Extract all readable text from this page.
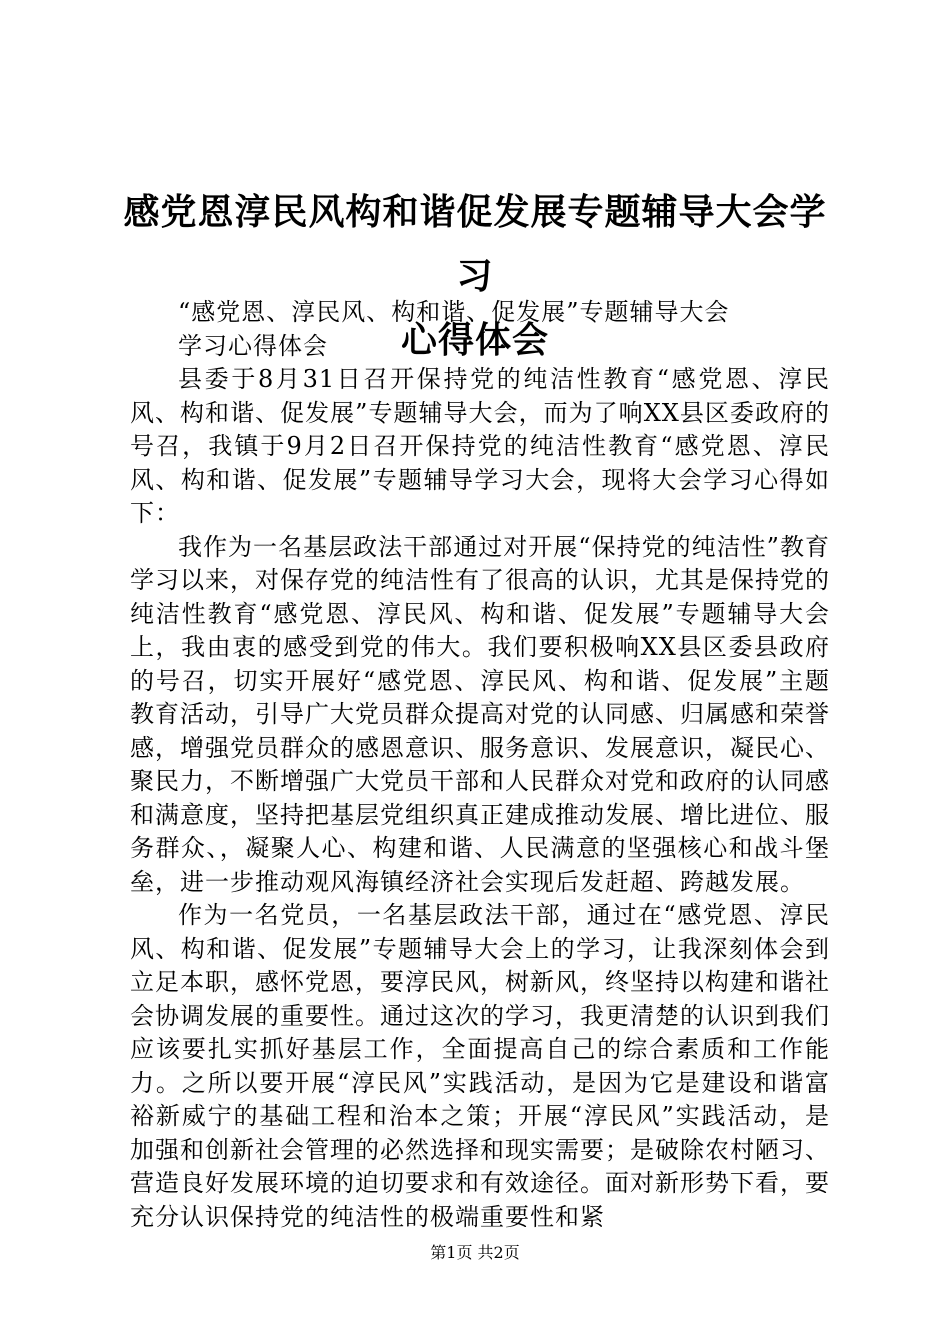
感党恩淳民风构和谐促发展专题辅导大会学习
心得体会

“感党恩、淳民风、构和谐、促发展”专题辅导大会

学习心得体会

县委于8月31日召开保持党的纯洁性教育“感党恩、淳民风、构和谐、促发展”专题辅导大会，而为了响XX县区委政府的号召，我镇于9月2日召开保持党的纯洁性教育“感党恩、淳民风、构和谐、促发展”专题辅导学习大会，现将大会学习心得如下：

我作为一名基层政法干部通过对开展“保持党的纯洁性”教育学习以来，对保存党的纯洁性有了很高的认识，尤其是保持党的纯洁性教育“感党恩、淳民风、构和谐、促发展”专题辅导大会上，我由衷的感受到党的伟大。我们要积极响XX县区委县政府的号召，切实开展好“感党恩、淳民风、构和谐、促发展”主题教育活动，引导广大党员群众提高对党的认同感、归属感和荣誉感，增强党员群众的感恩意识、服务意识、发展意识，凝民心、聚民力，不断增强广大党员干部和人民群众对党和政府的认同感和满意度，坚持把基层党组织真正建成推动发展、增比进位、服务群众、，凝聚人心、构建和谐、人民满意的坚强核心和战斗堡垒，进一步推动观风海镇经济社会实现后发赶超、跨越发展。

作为一名党员，一名基层政法干部，通过在“感党恩、淳民风、构和谐、促发展”专题辅导大会上的学习，让我深刻体会到立足本职，感怀党恩，要淳民风，树新风，终坚持以构建和谐社会协调发展的重要性。通过这次的学习，我更清楚的认识到我们应该要扎实抓好基层工作，全面提高自己的综合素质和工作能力。之所以要开展“淳民风”实践活动，是因为它是建设和谐富裕新威宁的基础工程和治本之策；开展“淳民风”实践活动，是加强和创新社会管理的必然选择和现实需要；是破除农村陋习、营造良好发展环境的迫切要求和有效途径。面对新形势下看，要充分认识保持党的纯洁性的极端重要性和紧

第1页 共2页
